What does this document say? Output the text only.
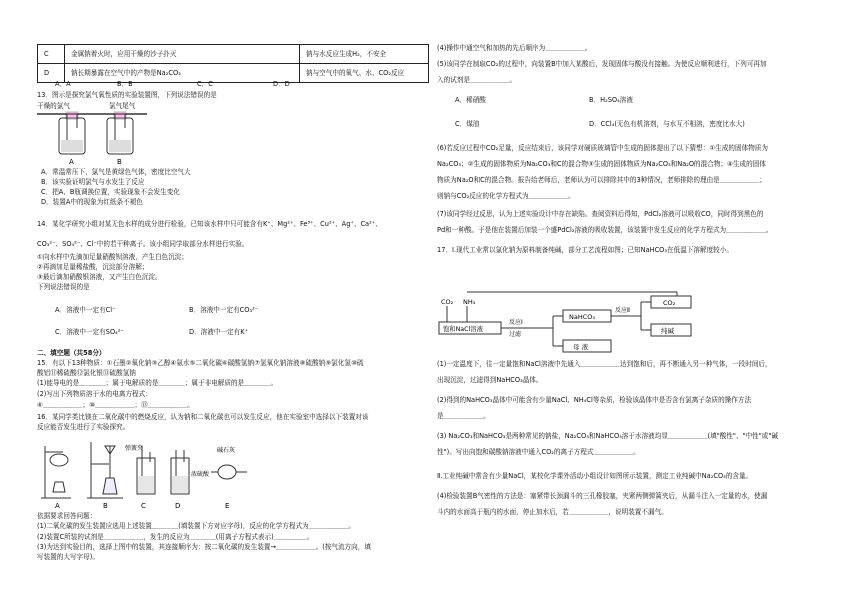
C	金属钠着火时，应用干燥的沙子扑灭	钠与水反应生成H₂，不安全
D	钠长期暴露在空气中的产物是Na₂CO₃	钠与空气中的氧气、水、CO₂反应
A．A	B．B	C．C	D．D
13．图示是探究氯气氧性质的实验装置图，下列说法错误的是
干燥的氯气	氯气尾气
A	B
A．常温常压下，氯气是黄绿色气体，密度比空气大
B．该实验证明氯气与水发生了反应
C．把A、B瓶调换位置，实验现象不会发生变化
D．装置A中的现象为红纸条不褪色
14．某化学研究小组对某无色水样的成分进行检验，已知该水样中只可能含有K⁺、Mg²⁺、Fe³⁺、Cu²⁺、Ag⁺、Ca²⁺、
CO₃²⁻、SO₄²⁻、Cl⁻中的若干种离子。该小组同学取部分水样进行实验。
①向水样中先滴加足量硝酸钡溶液，产生白色沉淀；
②再滴加足量稀盐酸，沉淀部分溶解；
③最后滴加硝酸银溶液，又产生白色沉淀。
下列说法错误的是
A．溶液中一定有Cl⁻	B．溶液中一定有CO₃²⁻
C．溶液中一定有SO₄²⁻	D．溶液中一定有K⁺
二、填空题（共58分）
15．有以下13种物质：①石墨②氧化钠③乙醇④氨水⑤二氧化碳⑥碳酸氢钠⑦氢氧化钠溶液⑧硫酸钠⑨氯化氢⑩硫
酸铝⑪稀硫酸⑫氯化银⑬硫酸氢钠
(1)能导电的是＿＿＿＿；属于电解质的是＿＿＿＿；属于非电解质的是＿＿＿＿。
(2)写出下列物质溶于水的电离方程式：
⑥＿＿＿＿＿＿；⑩＿＿＿＿＿＿；⑬＿＿＿＿＿＿。
16．某同学类比镁在二氧化碳中的燃烧反应，认为钠和二氧化碳也可以发生反应，他在实验室中选择以下装置对该
反应能否发生进行了实验探究。
A	B
弹簧夹
C
浓硫酸
D
碱石灰
E
依据要求回答问题：
(1)二氧化碳的发生装置应选用上述装置＿＿＿＿(填装置下方对应字母)，反应的化学方程式为＿＿＿＿＿＿。
(2)装置C所装的试剂是＿＿＿＿＿＿，发生的反应为＿＿＿＿(用离子方程式表示)＿＿＿＿＿。
(3)为达到实验目的，选择上图中的装置，其连接顺序为：按二氧化碳的发生装置→＿＿＿＿＿＿。(按气流方向，填
写装置的大写字母)。
(4)操作中通空气和加热的先后顺序为＿＿＿＿＿＿。
(5)该同学在制取CO₂的过程中，向装置B中加入某酸后，发现固体与酸没有接触。为使反应顺利进行，下列可再加
入的试剂是＿＿＿＿＿＿。
A．稀硝酸	B．H₂SO₄溶液
C．煤油	D．CCl₄(无色有机溶剂，与水互不相溶，密度比水大)
(6)若反应过程中CO₂足量，反应结束后，该同学对硬质玻璃管中生成的固体提出了以下猜想：①生成的固体物质为
Na₂CO₃；②生成的固体物质为Na₂CO₃和C的混合物③生成的固体物质为Na₂CO₃和Na₂O的混合物；④生成的固体
物质为Na₂O和C的混合物。报告给老师后，老师认为可以排除其中的3种情况，老师排除的理由是＿＿＿＿＿＿；
则钠与CO₂反应的化学方程式为＿＿＿＿＿＿。
(7)该同学经过反思，认为上述实验设计中存在缺陷。查阅资料后得知，PdCl₂溶液可以吸收CO，同时得到黑色的
Pd和一种酸。于是他在装置后加装一个盛PdCl₂溶液的吸收装置，该装置中发生反应的化学方程式为＿＿＿＿＿＿。
17．Ⅰ.现代工业常以氯化钠为原料制备纯碱，部分工艺流程如图；已知NaHCO₃在低温下溶解度较小。
CO₂ NH₃
饱和NaCl溶液
反应Ⅰ
过滤
NaHCO₃
反应Ⅱ
CO₂
纯碱
母 液
(1)一定温度下，往一定量饱和NaCl溶液中先通入＿＿＿＿＿＿达到饱和后，再不断通入另一种气体，一段时间后，
出现沉淀，过滤得到NaHCO₃晶体。
(2)得到的NaHCO₃晶体中可能含有少量NaCl、NH₄Cl等杂质，检验该晶体中是否含有氯离子杂质的操作方法
是＿＿＿＿＿＿。
(3) Na₂CO₃和NaHCO₃是两种常见的钠盐，Na₂CO₃和NaHCO₃溶于水溶液均显＿＿＿＿＿＿(填"酸性"、"中性"或"碱
性")。写出向饱和碳酸钠溶液中通入CO₂的离子方程式＿＿＿＿＿＿。
Ⅱ.工业纯碱中常含有少量NaCl，某校化学课外活动小组设计如图所示装置，测定工业纯碱中Na₂CO₃的含量。
(4)检验装置B气密性的方法是：塞紧带长颈漏斗的三孔橡胶塞，夹紧两侧弹簧夹后，从漏斗注入一定量的水，使漏
斗内的水面高于瓶内的水面，停止加水后，若＿＿＿＿＿＿，说明装置不漏气。
